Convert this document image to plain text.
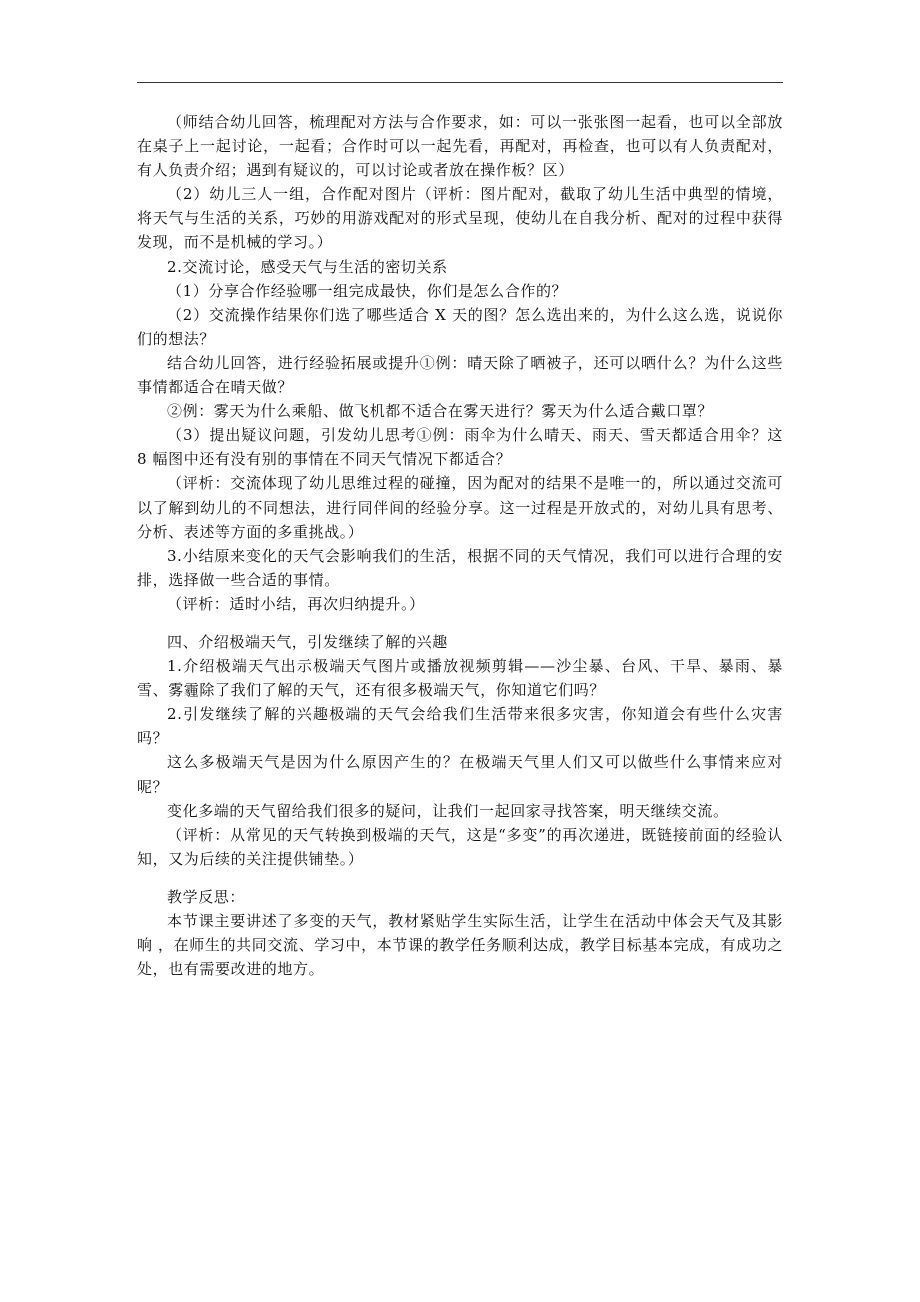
（师结合幼儿回答，梳理配对方法与合作要求，如：可以一张张图一起看，也可以全部放在桌子上一起讨论，一起看；合作时可以一起先看，再配对，再检查，也可以有人负责配对，有人负责介绍；遇到有疑议的，可以讨论或者放在操作板？区）

（2）幼儿三人一组，合作配对图片（评析：图片配对，截取了幼儿生活中典型的情境，将天气与生活的关系，巧妙的用游戏配对的形式呈现，使幼儿在自我分析、配对的过程中获得发现，而不是机械的学习。）

2.交流讨论，感受天气与生活的密切关系

（1）分享合作经验哪一组完成最快，你们是怎么合作的？

（2）交流操作结果你们选了哪些适合 X 天的图？怎么选出来的，为什么这么选，说说你们的想法？

结合幼儿回答，进行经验拓展或提升①例：晴天除了晒被子，还可以晒什么？为什么这些事情都适合在晴天做？

②例：雾天为什么乘船、做飞机都不适合在雾天进行？雾天为什么适合戴口罩？

（3）提出疑议问题，引发幼儿思考①例：雨伞为什么晴天、雨天、雪天都适合用伞？这 8 幅图中还有没有别的事情在不同天气情况下都适合？

（评析：交流体现了幼儿思维过程的碰撞，因为配对的结果不是唯一的，所以通过交流可以了解到幼儿的不同想法，进行同伴间的经验分享。这一过程是开放式的，对幼儿具有思考、分析、表述等方面的多重挑战。）

3.小结原来变化的天气会影响我们的生活，根据不同的天气情况，我们可以进行合理的安排，选择做一些合适的事情。

（评析：适时小结，再次归纳提升。）

四、介绍极端天气，引发继续了解的兴趣

1.介绍极端天气出示极端天气图片或播放视频剪辑——沙尘暴、台风、干旱、暴雨、暴雪、雾霾除了我们了解的天气，还有很多极端天气，你知道它们吗？

2.引发继续了解的兴趣极端的天气会给我们生活带来很多灾害，你知道会有些什么灾害吗？

这么多极端天气是因为什么原因产生的？在极端天气里人们又可以做些什么事情来应对呢？

变化多端的天气留给我们很多的疑问，让我们一起回家寻找答案，明天继续交流。

（评析：从常见的天气转换到极端的天气，这是“多变”的再次递进，既链接前面的经验认知，又为后续的关注提供铺垫。）

教学反思：

本节课主要讲述了多变的天气，教材紧贴学生实际生活，让学生在活动中体会天气及其影响 ，在师生的共同交流、学习中，本节课的教学任务顺利达成，教学目标基本完成，有成功之处，也有需要改进的地方。
